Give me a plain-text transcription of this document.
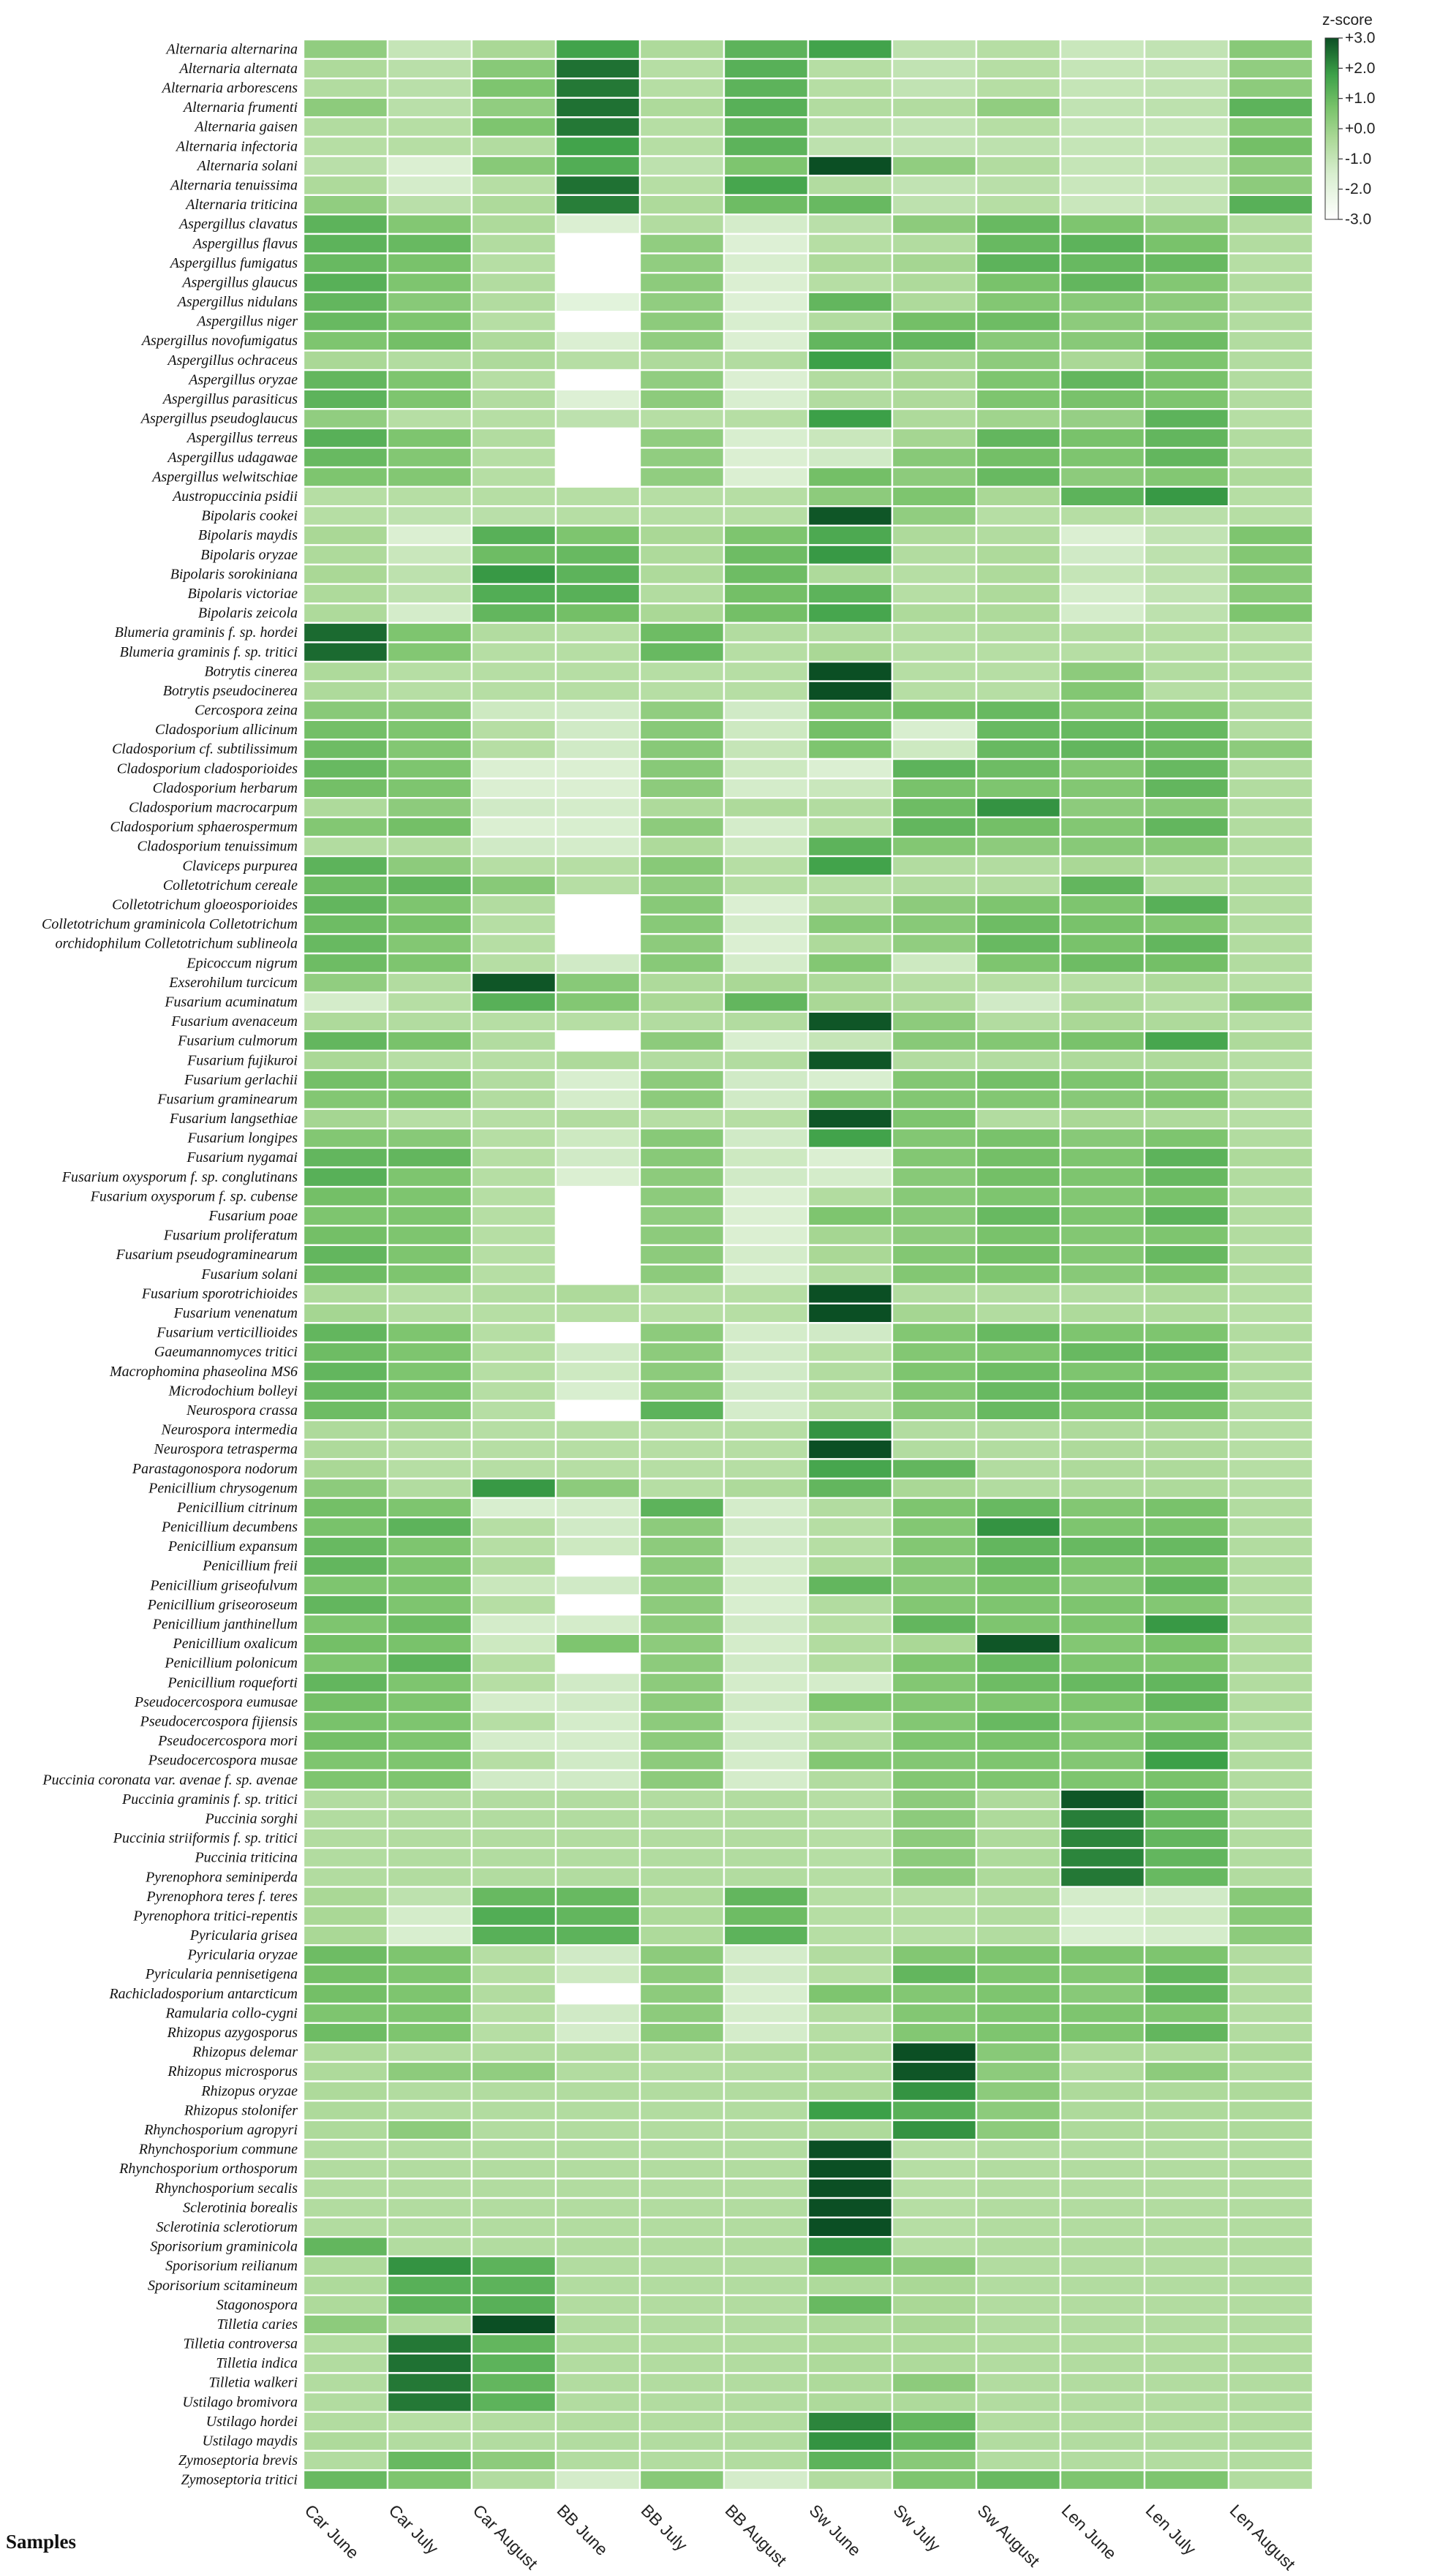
Alternaria alternarina
Alternaria alternata
Alternaria arborescens
Alternaria frumenti
Alternaria gaisen
Alternaria infectoria
Alternaria solani
Alternaria tenuissima
Alternaria triticina
Aspergillus clavatus
Aspergillus flavus
Aspergillus fumigatus
Aspergillus glaucus
Aspergillus nidulans
Aspergillus niger
Aspergillus novofumigatus
Aspergillus ochraceus
Aspergillus oryzae
Aspergillus parasiticus
Aspergillus pseudoglaucus
Aspergillus terreus
Aspergillus udagawae
Aspergillus welwitschiae
Austropuccinia psidii
Bipolaris cookei
Bipolaris maydis
Bipolaris oryzae
Bipolaris sorokiniana
Bipolaris victoriae
Bipolaris zeicola
Blumeria graminis f. sp. hordei
Blumeria graminis f. sp. tritici
Botrytis cinerea
Botrytis pseudocinerea
Cercospora zeina
Cladosporium allicinum
Cladosporium cf. subtilissimum
Cladosporium cladosporioides
Cladosporium herbarum
Cladosporium macrocarpum
Cladosporium sphaerospermum
Cladosporium tenuissimum
Claviceps purpurea
Colletotrichum cereale
Colletotrichum gloeosporioides
Colletotrichum graminicola Colletotrichum
orchidophilum Colletotrichum sublineola
Epicoccum nigrum
Exserohilum turcicum
Fusarium acuminatum
Fusarium avenaceum
Fusarium culmorum
Fusarium fujikuroi
Fusarium gerlachii
Fusarium graminearum
Fusarium langsethiae
Fusarium longipes
Fusarium nygamai
Fusarium oxysporum f. sp. conglutinans
Fusarium oxysporum f. sp. cubense
Fusarium poae
Fusarium proliferatum
Fusarium pseudograminearum
Fusarium solani
Fusarium sporotrichioides
Fusarium venenatum
Fusarium verticillioides
Gaeumannomyces tritici
Macrophomina phaseolina MS6
Microdochium bolleyi
Neurospora crassa
Neurospora intermedia
Neurospora tetrasperma
Parastagonospora nodorum
Penicillium chrysogenum
Penicillium citrinum
Penicillium decumbens
Penicillium expansum
Penicillium freii
Penicillium griseofulvum
Penicillium griseoroseum
Penicillium janthinellum
Penicillium oxalicum
Penicillium polonicum
Penicillium roqueforti
Pseudocercospora eumusae
Pseudocercospora fijiensis
Pseudocercospora mori
Pseudocercospora musae
Puccinia coronata var. avenae f. sp. avenae
Puccinia graminis f. sp. tritici
Puccinia sorghi
Puccinia striiformis f. sp. tritici
Puccinia triticina
Pyrenophora seminiperda
Pyrenophora teres f. teres
Pyrenophora tritici-repentis
Pyricularia grisea
Pyricularia oryzae
Pyricularia pennisetigena
Rachicladosporium antarcticum
Ramularia collo-cygni
Rhizopus azygosporus
Rhizopus delemar
Rhizopus microsporus
Rhizopus oryzae
Rhizopus stolonifer
Rhynchosporium agropyri
Rhynchosporium commune
Rhynchosporium orthosporum
Rhynchosporium secalis
Sclerotinia borealis
Sclerotinia sclerotiorum
Sporisorium graminicola
Sporisorium reilianum
Sporisorium scitamineum
Stagonospora
Tilletia caries
Tilletia controversa
Tilletia indica
Tilletia walkeri
Ustilago bromivora
Ustilago hordei
Ustilago maydis
Zymoseptoria brevis
Zymoseptoria tritici
Car June Car July Car August BB June BB July BB August Sw June Sw July Sw August Len June Len July Len August
z-score
+3.0
+2.0
+1.0
+0.0
-1.0
-2.0
-3.0
Samples
